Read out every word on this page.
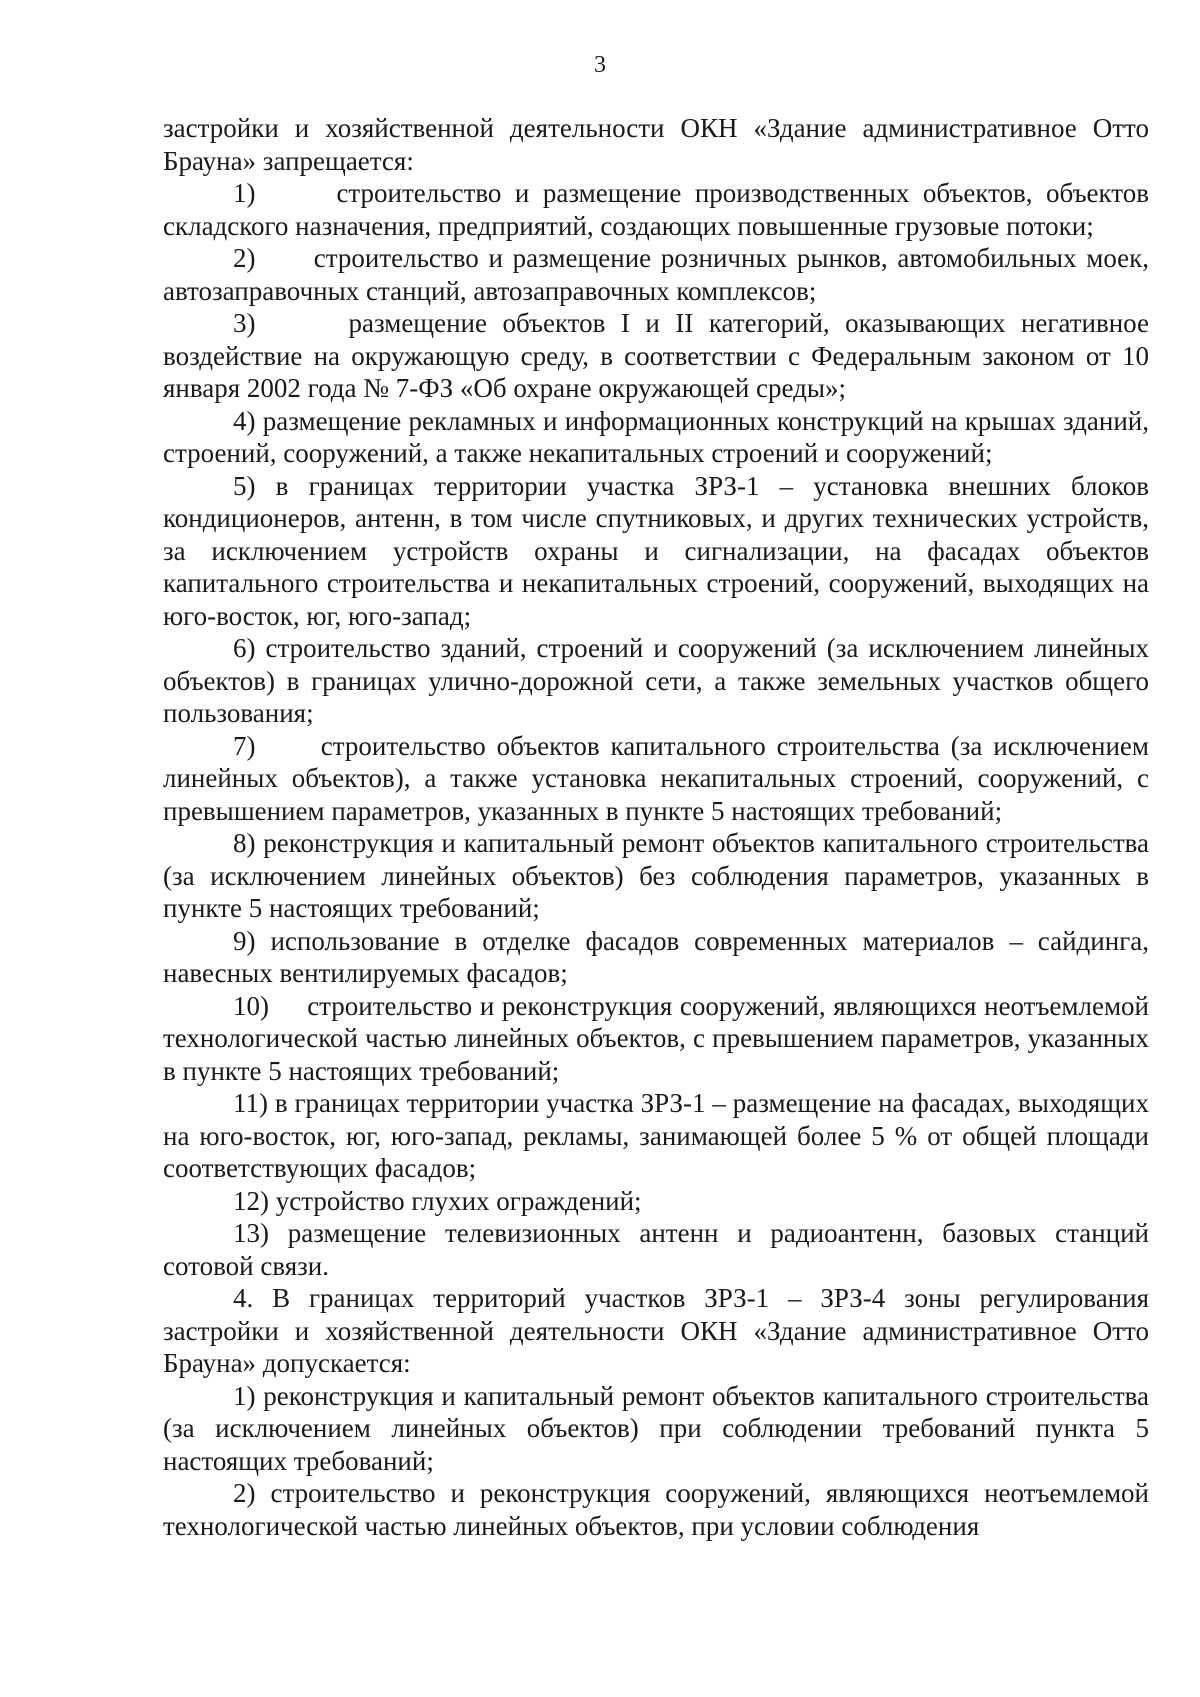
3

застройки и хозяйственной деятельности ОКН «Здание административное Отто Брауна» запрещается:

1)      строительство и размещение производственных объектов, объектов складского назначения, предприятий, создающих повышенные грузовые потоки;

2)      строительство и размещение розничных рынков, автомобильных моек, автозаправочных станций, автозаправочных комплексов;

3)      размещение объектов I и II категорий, оказывающих негативное воздействие на окружающую среду, в соответствии с Федеральным законом от 10 января 2002 года № 7-ФЗ «Об охране окружающей среды»;

4) размещение рекламных и информационных конструкций на крышах зданий, строений, сооружений, а также некапитальных строений и сооружений;

5) в границах территории участка ЗРЗ-1 – установка внешних блоков кондиционеров, антенн, в том числе спутниковых, и других технических устройств, за исключением устройств охраны и сигнализации, на фасадах объектов капитального строительства и некапитальных строений, сооружений, выходящих на юго-восток, юг, юго-запад;

6) строительство зданий, строений и сооружений (за исключением линейных объектов) в границах улично-дорожной сети, а также земельных участков общего пользования;

7)      строительство объектов капитального строительства (за исключением линейных объектов), а также установка некапитальных строений, сооружений, с превышением параметров, указанных в пункте 5 настоящих требований;

8) реконструкция и капитальный ремонт объектов капитального строительства (за исключением линейных объектов) без соблюдения параметров, указанных в пункте 5 настоящих требований;

9) использование в отделке фасадов современных материалов – сайдинга, навесных вентилируемых фасадов;

10)     строительство и реконструкция сооружений, являющихся неотъемлемой технологической частью линейных объектов, с превышением параметров, указанных в пункте 5 настоящих требований;

11) в границах территории участка ЗРЗ-1 – размещение на фасадах, выходящих на юго-восток, юг, юго-запад, рекламы, занимающей более 5 % от общей площади соответствующих фасадов;

12) устройство глухих ограждений;

13) размещение телевизионных антенн и радиоантенн, базовых станций сотовой связи.

4. В границах территорий участков ЗРЗ-1 – ЗРЗ-4 зоны регулирования застройки и хозяйственной деятельности ОКН «Здание административное Отто Брауна» допускается:

1) реконструкция и капитальный ремонт объектов капитального строительства (за исключением линейных объектов) при соблюдении требований пункта 5 настоящих требований;

2) строительство и реконструкция сооружений, являющихся неотъемлемой технологической частью линейных объектов, при условии соблюдения
